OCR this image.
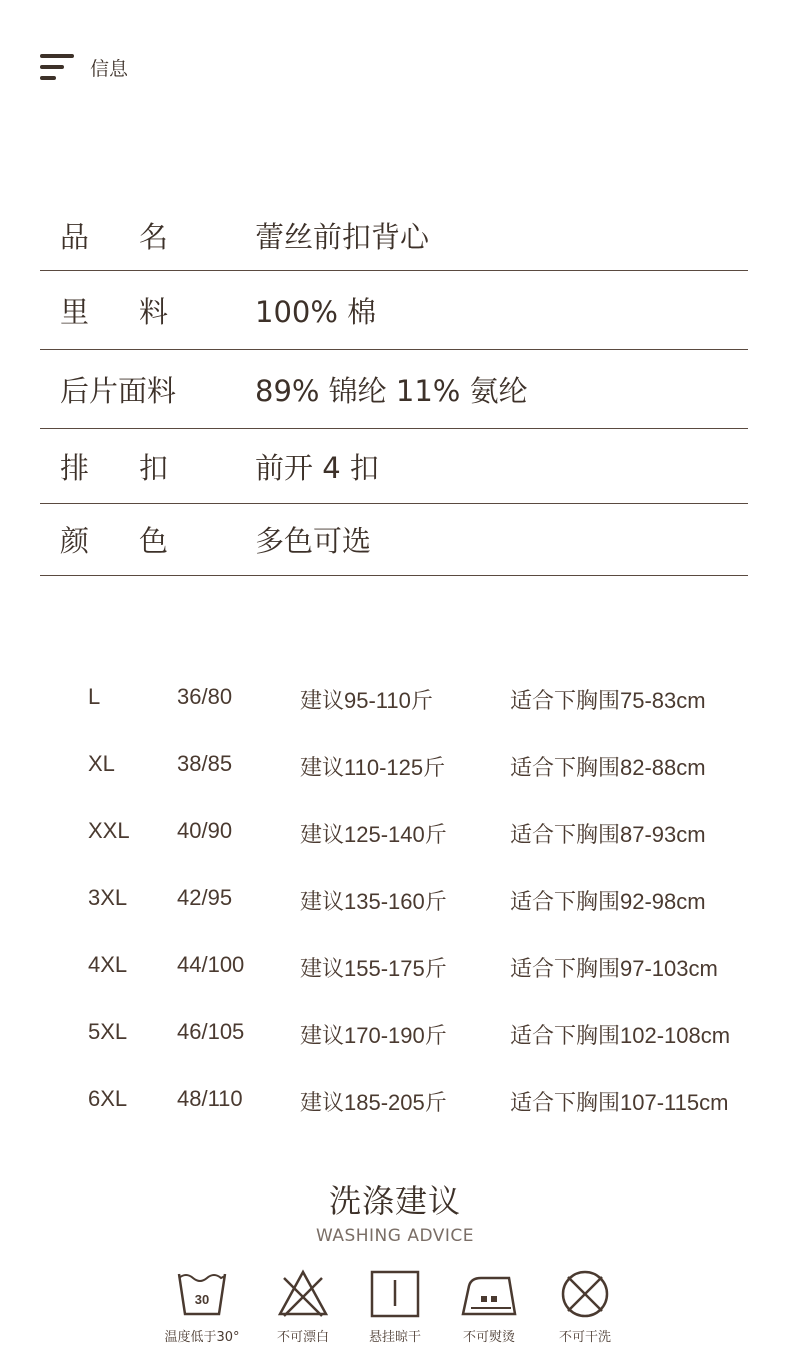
信息
品 名	蕾丝前扣背心
里 料	100% 棉
后片面料	89% 锦纶 11% 氨纶
排 扣	前开 4 扣
颜 色	多色可选
L	36/80	建议95-110斤	适合下胸围75-83cm
XL	38/85	建议110-125斤	适合下胸围82-88cm
XXL 40/90	建议125-140斤	适合下胸围87-93cm
3XL 42/95	建议135-160斤	适合下胸围92-98cm
4XL 44/100	建议155-175斤	适合下胸围97-103cm
5XL 46/105	建议170-190斤	适合下胸围102-108cm
6XL 48/110	建议185-205斤	适合下胸围107-115cm
洗涤建议
WASHING ADVICE
30
温度低于30°	不可漂白	悬挂晾干	不可熨烫	不可干洗
